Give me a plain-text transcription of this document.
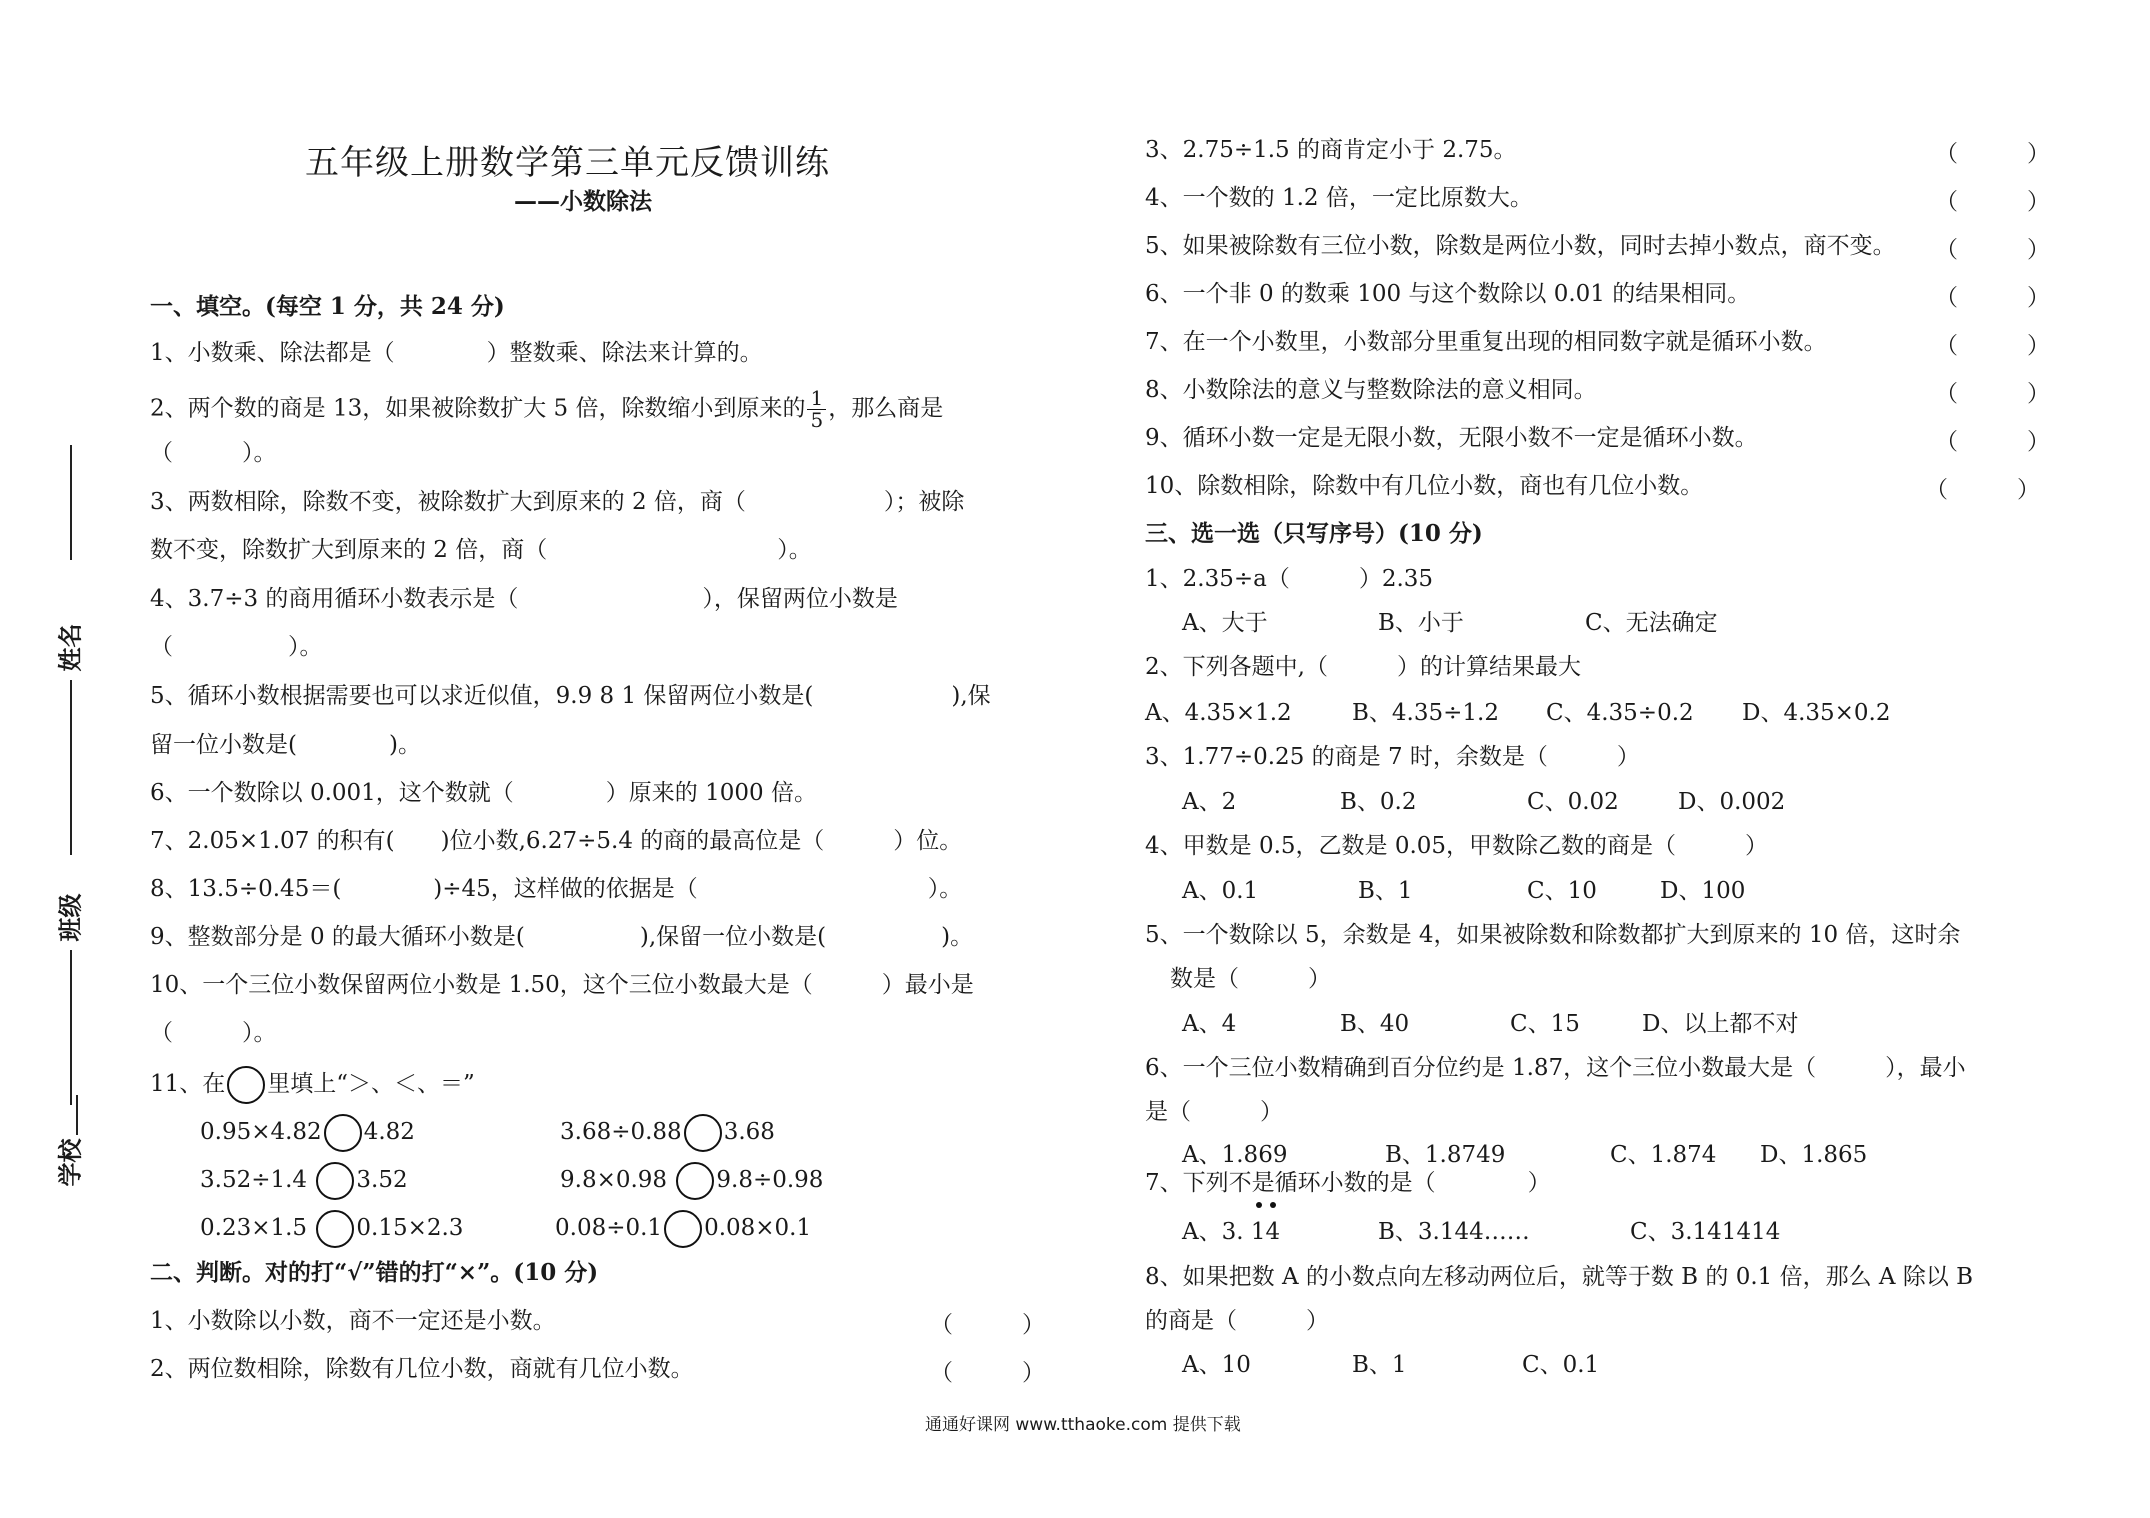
姓名
班级
学校
五年级上册数学第三单元反馈训练
——小数除法
一、填空。(每空 1 分，共 24 分)
1、小数乘、除法都是（　　　　）整数乘、除法来计算的。
2、两个数的商是 13，如果被除数扩大 5 倍，除数缩小到原来的 $\frac{1}{5}$ ，那么商是
（　　　）。
3、两数相除，除数不变，被除数扩大到原来的 2 倍，商（　　　　　　）；被除
数不变，除数扩大到原来的 2 倍，商（　　　　　　　　　　）。
4、3.7÷3 的商用循环小数表示是（　　　　　　　　），保留两位小数是
（　　　　　）。
5、循环小数根据需要也可以求近似值，9.9 8 1 保留两位小数是(　　　　　　),保
留一位小数是(　　　　)。
6、一个数除以 0.001，这个数就（　　　　）原来的 1000 倍。
7、2.05×1.07 的积有(　　)位小数,6.27÷5.4 的商的最高位是（　　　）位。
8、13.5÷0.45＝(　　　　)÷45，这样做的依据是（　　　　　　　　　　）。
9、整数部分是 0 的最大循环小数是(　　　　　),保留一位小数是(　　　　　)。
10、一个三位小数保留两位小数是 1.50，这个三位小数最大是（　　　）最小是
（　　　）。
11、在 里填上“＞、＜、＝”
0.95×4.82 4.82	3.68÷0.88 3.68
3.52÷1.4 3.52	9.8×0.98 9.8÷0.98
0.23×1.5 0.15×2.3	0.08÷0.1 0.08×0.1
二、判断。对的打“√”错的打“×”。(10 分)
1、小数除以小数，商不一定还是小数。	（　　　）
2、两位数相除，除数有几位小数，商就有几位小数。	（　　　）
3、2.75÷1.5 的商肯定小于 2.75。	（　　　）
4、一个数的 1.2 倍，一定比原数大。	（　　　）
5、如果被除数有三位小数，除数是两位小数，同时去掉小数点，商不变。 （　　　）
6、一个非 0 的数乘 100 与这个数除以 0.01 的结果相同。	（　　　）
7、在一个小数里，小数部分里重复出现的相同数字就是循环小数。	（　　　）
8、小数除法的意义与整数除法的意义相同。	（　　　）
9、循环小数一定是无限小数，无限小数不一定是循环小数。	（　　　）
10、除数相除，除数中有几位小数，商也有几位小数。	（　　　）
三、选一选（只写序号）(10 分)
1、2.35÷a（　　　）2.35
A、大于	B、小于	C、无法确定
2、下列各题中,（　　　）的计算结果最大
A、4.35×1.2	B、4.35÷1.2 C、4.35÷0.2 D、4.35×0.2
3、1.77÷0.25 的商是 7 时，余数是（　　　）
A、2	B、0.2	C、0.02	D、0.002
4、甲数是 0.5，乙数是 0.05，甲数除乙数的商是（　　　）
A、0.1	B、1	C、10	D、100
5、一个数除以 5，余数是 4，如果被除数和除数都扩大到原来的 10 倍，这时余
数是（　　　）
A、4	B、40	C、15	D、以上都不对
6、一个三位小数精确到百分位约是 1.87，这个三位小数最大是（　　　），最小
是（　　　）
A、1.869	B、1.8749	C、1.874 D、1.865
7、下列不是循环小数的是（　　　　）
A、3. 14	B、3.144……	C、3.141414
8、如果把数 A 的小数点向左移动两位后，就等于数 B 的 0.1 倍，那么 A 除以 B
的商是（　　　）
A、10	B、1	C、0.1
通通好课网 www.tthaoke.com 提供下载
